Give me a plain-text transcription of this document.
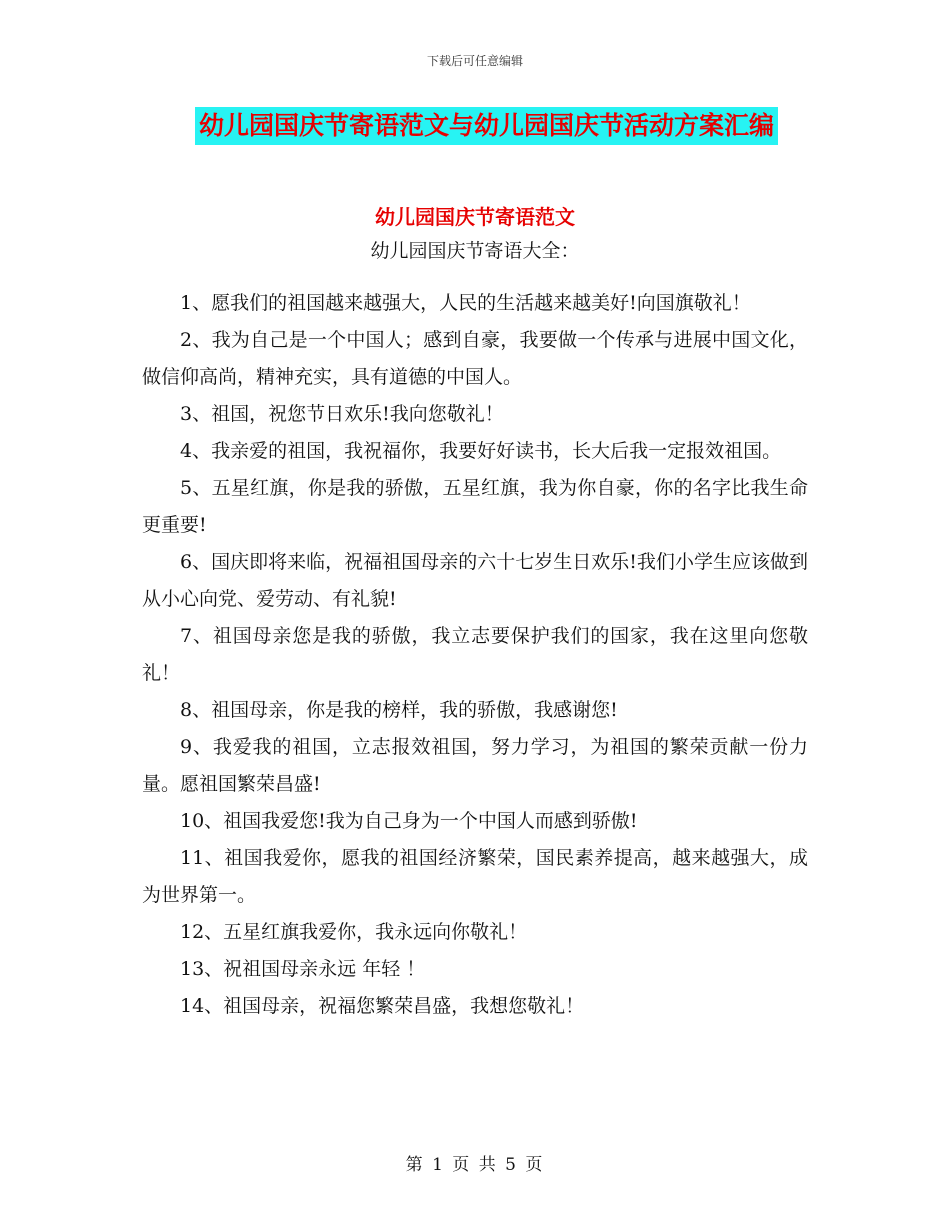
下载后可任意编辑
幼儿园国庆节寄语范文与幼儿园国庆节活动方案汇编
幼儿园国庆节寄语范文

幼儿园国庆节寄语大全：

1、愿我们的祖国越来越强大，人民的生活越来越美好!向国旗敬礼！

2、我为自己是一个中国人；感到自豪，我要做一个传承与进展中国文化，做信仰高尚，精神充实，具有道德的中国人。

3、祖国，祝您节日欢乐!我向您敬礼！

4、我亲爱的祖国，我祝福你，我要好好读书，长大后我一定报效祖国。

5、五星红旗，你是我的骄傲，五星红旗，我为你自豪，你的名字比我生命更重要!

6、国庆即将来临，祝福祖国母亲的六十七岁生日欢乐!我们小学生应该做到从小心向党、爱劳动、有礼貌!

7、祖国母亲您是我的骄傲，我立志要保护我们的国家，我在这里向您敬礼！

8、祖国母亲，你是我的榜样，我的骄傲，我感谢您!

9、我爱我的祖国，立志报效祖国，努力学习，为祖国的繁荣贡献一份力量。愿祖国繁荣昌盛!

10、祖国我爱您!我为自己身为一个中国人而感到骄傲!

11、祖国我爱你，愿我的祖国经济繁荣，国民素养提高，越来越强大，成为世界第一。

12、五星红旗我爱你，我永远向你敬礼！

13、祝祖国母亲永远 年轻 ！

14、祖国母亲，祝福您繁荣昌盛，我想您敬礼！

第 1 页 共 5 页
